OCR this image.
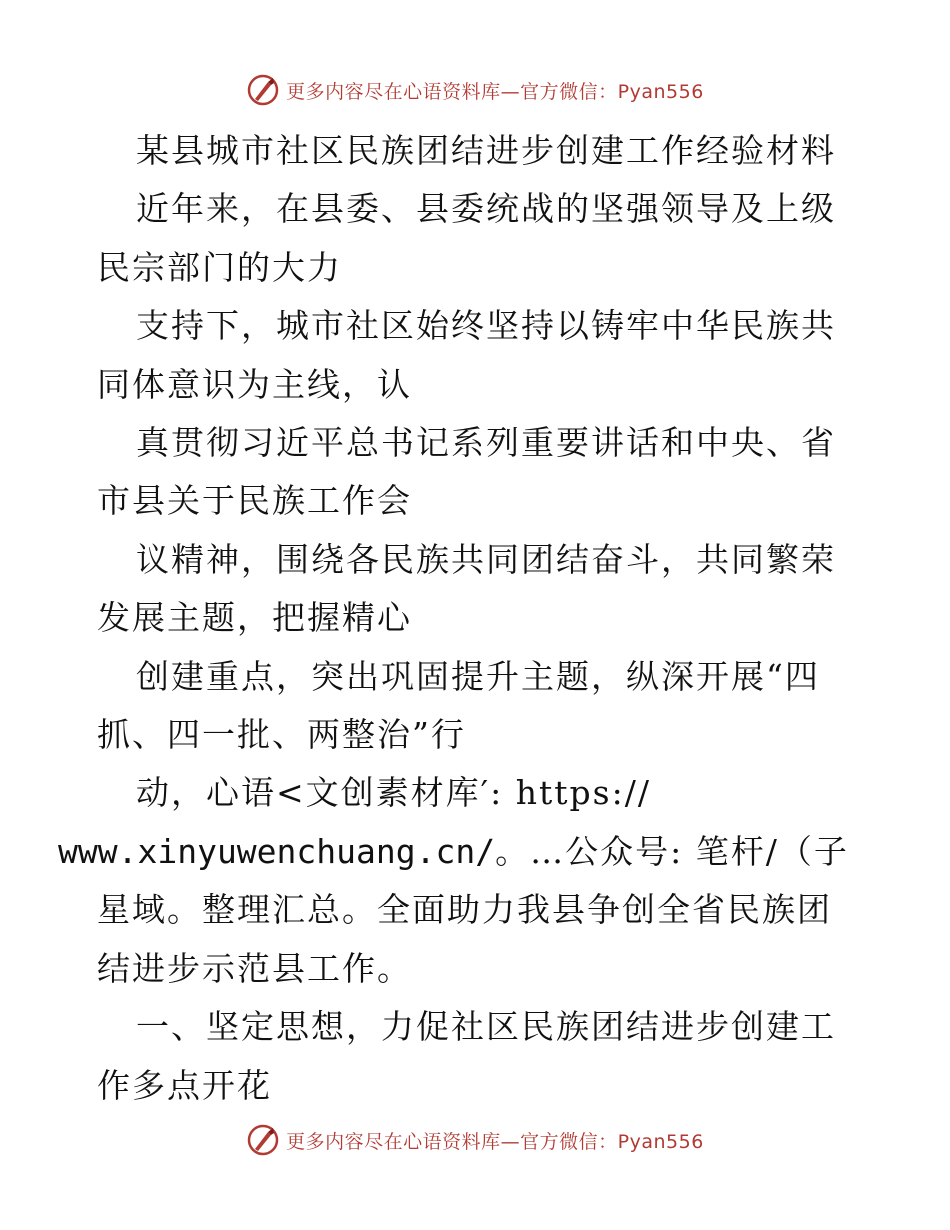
更多内容尽在心语资料库—官方微信：Pyan556

某县城市社区民族团结进步创建工作经验材料

近年来，在县委、县委统战的坚强领导及上级民宗部门的大力

支持下，城市社区始终坚持以铸牢中华民族共同体意识为主线，认

真贯彻习近平总书记系列重要讲话和中央、省市县关于民族工作会

议精神，围绕各民族共同团结奋斗，共同繁荣发展主题，把握精心

创建重点，突出巩固提升主题，纵深开展“四抓、四一批、两整治”行

动，心语<文创素材库′: https://
www.xinyuwenchuang.cn/。…公众号: 笔杆/（子星域。整理汇总。全面助力我县争创全省民族团结进步示范县工作。

一、坚定思想，力促社区民族团结进步创建工作多点开花

更多内容尽在心语资料库—官方微信：Pyan556
